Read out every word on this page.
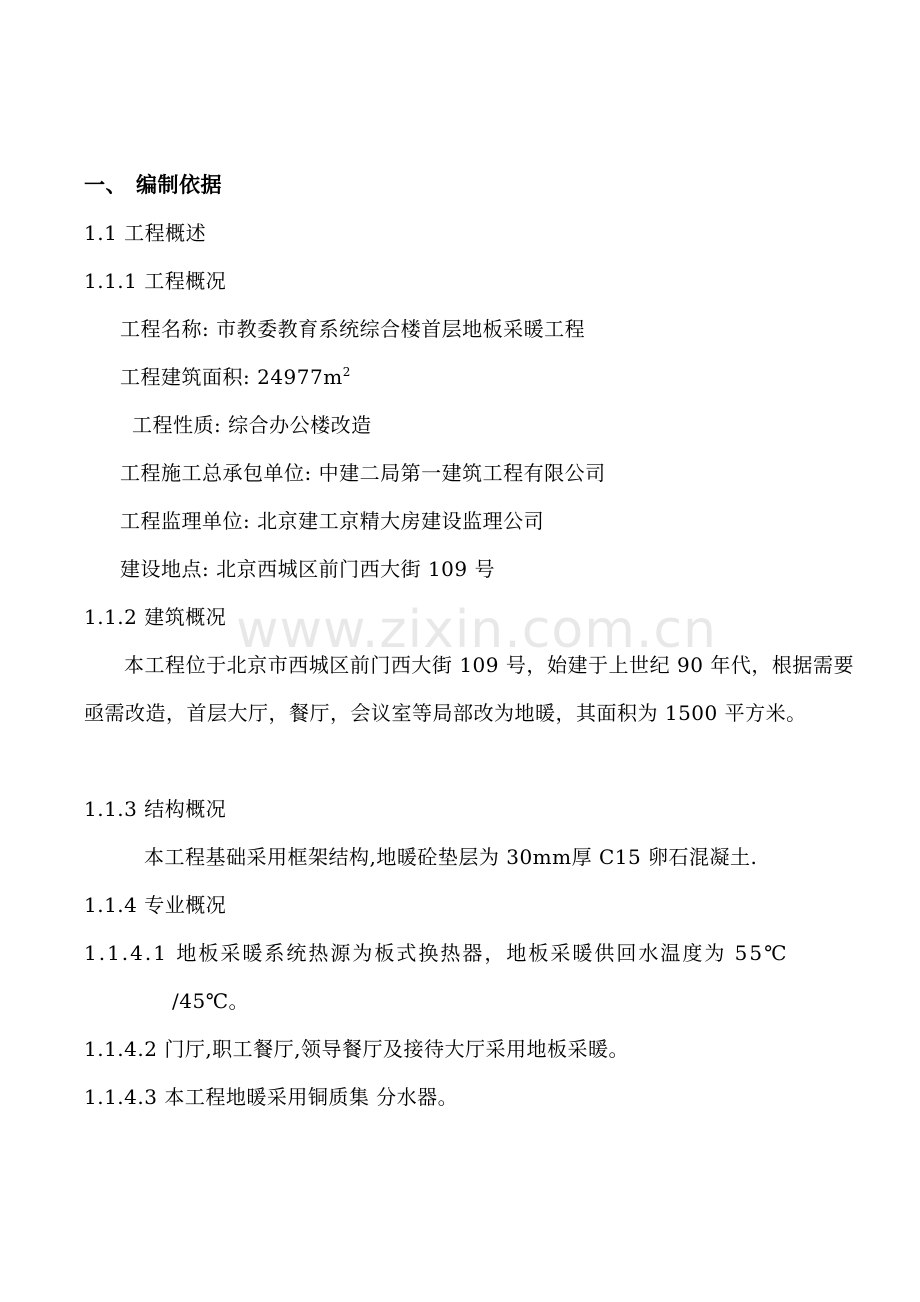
一、 编制依据
1.1 工程概述
1.1.1 工程概况
工程名称: 市教委教育系统综合楼首层地板采暖工程
工程建筑面积: $24977m^2$
工程性质: 综合办公楼改造
工程施工总承包单位: 中建二局第一建筑工程有限公司
工程监理单位: 北京建工京精大房建设监理公司
建设地点: 北京西城区前门西大街 109 号
1.1.2 建筑概况
本工程位于北京市西城区前门西大街 109 号，始建于上世纪 90 年代，根据需要亟需改造，首层大厅，餐厅，会议室等局部改为地暖，其面积为 1500 平方米。
1.1.3 结构概况
本工程基础采用框架结构,地暖砼垫层为 30mm厚 C15 卵石混凝土.
1.1.4 专业概况
1.1.4.1 地板采暖系统热源为板式换热器，地板采暖供回水温度为 55℃
/45℃。
1.1.4.2 门厅,职工餐厅,领导餐厅及接待大厅采用地板采暖。
1.1.4.3 本工程地暖采用铜质集 分水器。
www.zixin.com.cn
